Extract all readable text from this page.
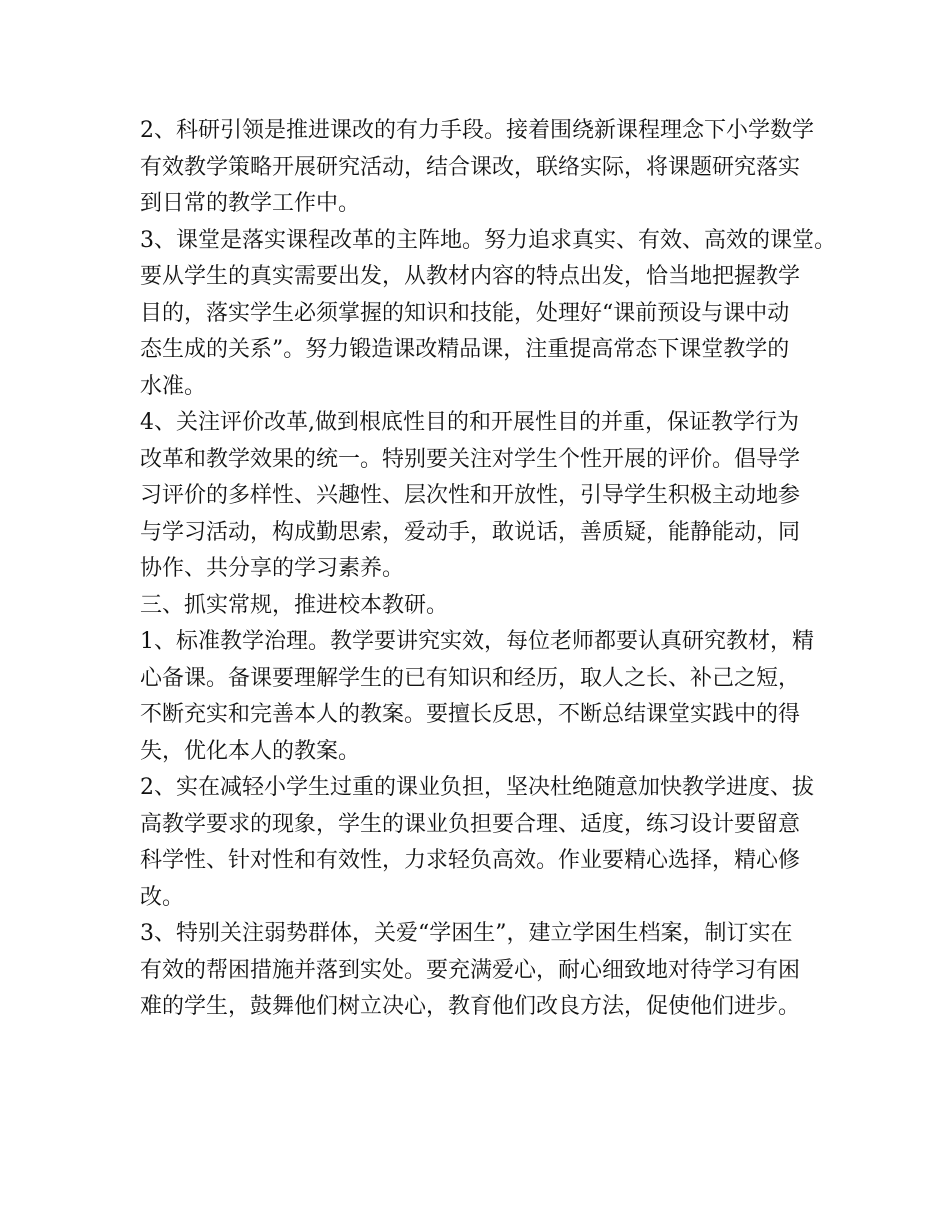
2、科研引领是推进课改的有力手段。接着围绕新课程理念下小学数学
有效教学策略开展研究活动，结合课改，联络实际，将课题研究落实
到日常的教学工作中。
3、课堂是落实课程改革的主阵地。努力追求真实、有效、高效的课堂。
要从学生的真实需要出发，从教材内容的特点出发，恰当地把握教学
目的，落实学生必须掌握的知识和技能，处理好“课前预设与课中动
态生成的关系”。努力锻造课改精品课，注重提高常态下课堂教学的
水准。
4、关注评价改革,做到根底性目的和开展性目的并重，保证教学行为
改革和教学效果的统一。特别要关注对学生个性开展的评价。倡导学
习评价的多样性、兴趣性、层次性和开放性，引导学生积极主动地参
与学习活动，构成勤思索，爱动手，敢说话，善质疑，能静能动，同
协作、共分享的学习素养。
三、抓实常规，推进校本教研。
1、标准教学治理。教学要讲究实效，每位老师都要认真研究教材，精
心备课。备课要理解学生的已有知识和经历，取人之长、补己之短，
不断充实和完善本人的教案。要擅长反思，不断总结课堂实践中的得
失，优化本人的教案。
2、实在减轻小学生过重的课业负担，坚决杜绝随意加快教学进度、拔
高教学要求的现象，学生的课业负担要合理、适度，练习设计要留意
科学性、针对性和有效性，力求轻负高效。作业要精心选择，精心修
改。
3、特别关注弱势群体，关爱“学困生”，建立学困生档案，制订实在
有效的帮困措施并落到实处。要充满爱心，耐心细致地对待学习有困
难的学生，鼓舞他们树立决心，教育他们改良方法，促使他们进步。
